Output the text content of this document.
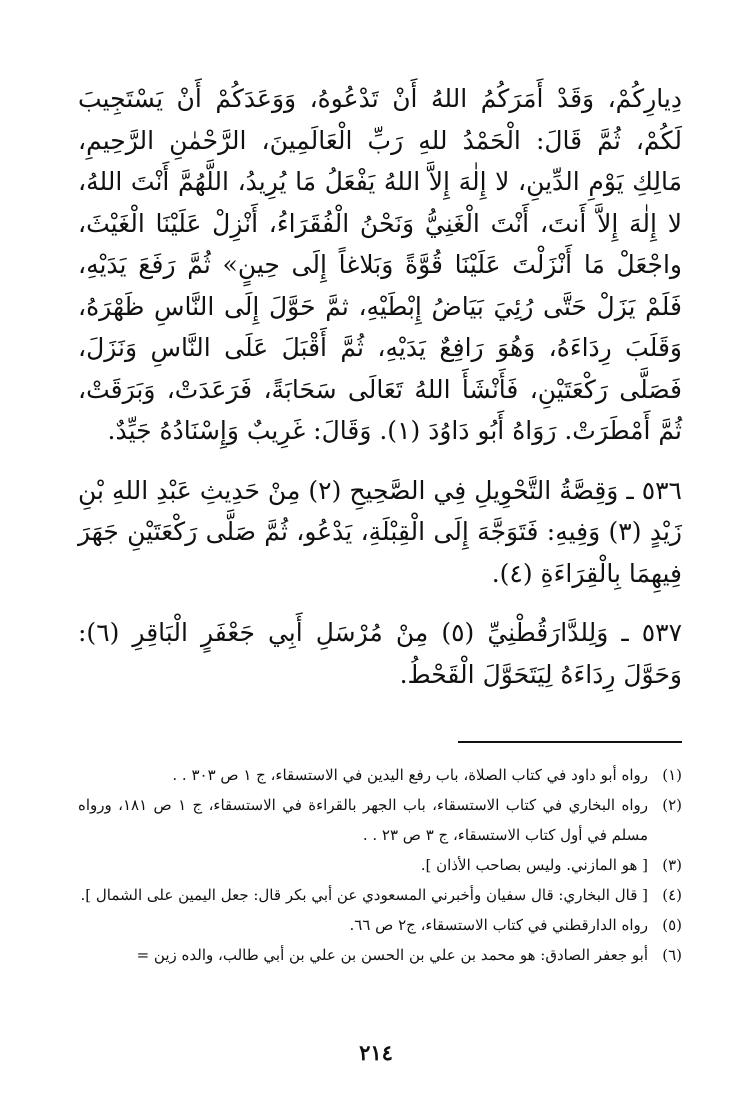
دِيارِكُمْ، وَقَدْ أَمَرَكُمُ اللهُ أَنْ تَدْعُوهُ، وَوَعَدَكُمْ أَنْ يَسْتَجِيبَ لَكُمْ، ثُمَّ قَالَ: الْحَمْدُ للهِ رَبِّ الْعَالَمِينَ، الرَّحْمٰنِ الرَّحِيمِ، مَالِكِ يَوْمِ الدِّينِ، لا إِلٰهَ إِلاَّ اللهُ يَفْعَلُ مَا يُرِيدُ، اللَّهُمَّ أَنْتَ اللهُ، لا إِلٰهَ إِلاَّ أَنتَ، أَنْتَ الْغَنِيُّ وَنَحْنُ الْفُقَرَاءُ، أَنْزِلْ عَلَيْنَا الْغَيْثَ، واجْعَلْ مَا أَنْزَلْتَ عَلَيْنَا قُوَّةً وَبَلاغاً إِلَى حِينٍ» ثُمَّ رَفَعَ يَدَيْهِ، فَلَمْ يَزَلْ حَتَّى رُئِيَ بَيَاضُ إِبْطَيْهِ، ثمَّ حَوَّلَ إِلَى النَّاسِ ظَهْرَهُ، وَقَلَبَ رِدَاءَهُ، وَهُوَ رَافِعٌ يَدَيْهِ، ثُمَّ أَقْبَلَ عَلَى النَّاسِ وَنَزَلَ، فَصَلَّى رَكْعَتَيْنِ، فَأَنْشَأَ اللهُ تَعَالَى سَحَابَةً، فَرَعَدَتْ، وَبَرَقَتْ، ثُمَّ أَمْطَرَتْ. رَوَاهُ أَبُو دَاوُدَ (١). وَقَالَ: غَرِيبٌ وَإِسْنَادُهُ جَيِّدٌ.

٥٣٦ ـ وَقِصَّةُ التَّحْوِيلِ فِي الصَّحِيحِ (٢) مِنْ حَدِيثِ عَبْدِ اللهِ بْنِ زَيْدٍ (٣) وَفِيهِ: فَتَوَجَّهَ إِلَى الْقِبْلَةِ، يَدْعُو، ثُمَّ صَلَّى رَكْعَتَيْنِ جَهَرَ فِيهِمَا بِالْقِرَاءَةِ (٤).

٥٣٧ ـ وَلِلدَّارَقُطْنِيِّ (٥) مِنْ مُرْسَلِ أَبِي جَعْفَرٍ الْبَاقِرِ (٦): وَحَوَّلَ رِدَاءَهُ لِيَتَحَوَّلَ الْقَحْطُ.

(١)
رواه أبو داود في كتاب الصلاة، باب رفع اليدين في الاستسقاء، ج ١ ص ٣٠٣ . .
(٢)
رواه البخاري في كتاب الاستسقاء، باب الجهر بالقراءة في الاستسقاء، ج ١ ص ١٨١، ورواه مسلم في أول كتاب الاستسقاء، ج ٣ ص ٢٣ . .
(٣)
[ هو المازني. وليس بصاحب الأذان ].
(٤)
[ قال البخاري: قال سفيان وأخبرني المسعودي عن أبي بكر قال: جعل اليمين على الشمال ].
(٥)
رواه الدارقطني في كتاب الاستسقاء، ج٢ ص ٦٦.
(٦)
أبو جعفر الصادق: هو محمد بن علي بن الحسن بن علي بن أبي طالب، والده زين =
٢١٤
